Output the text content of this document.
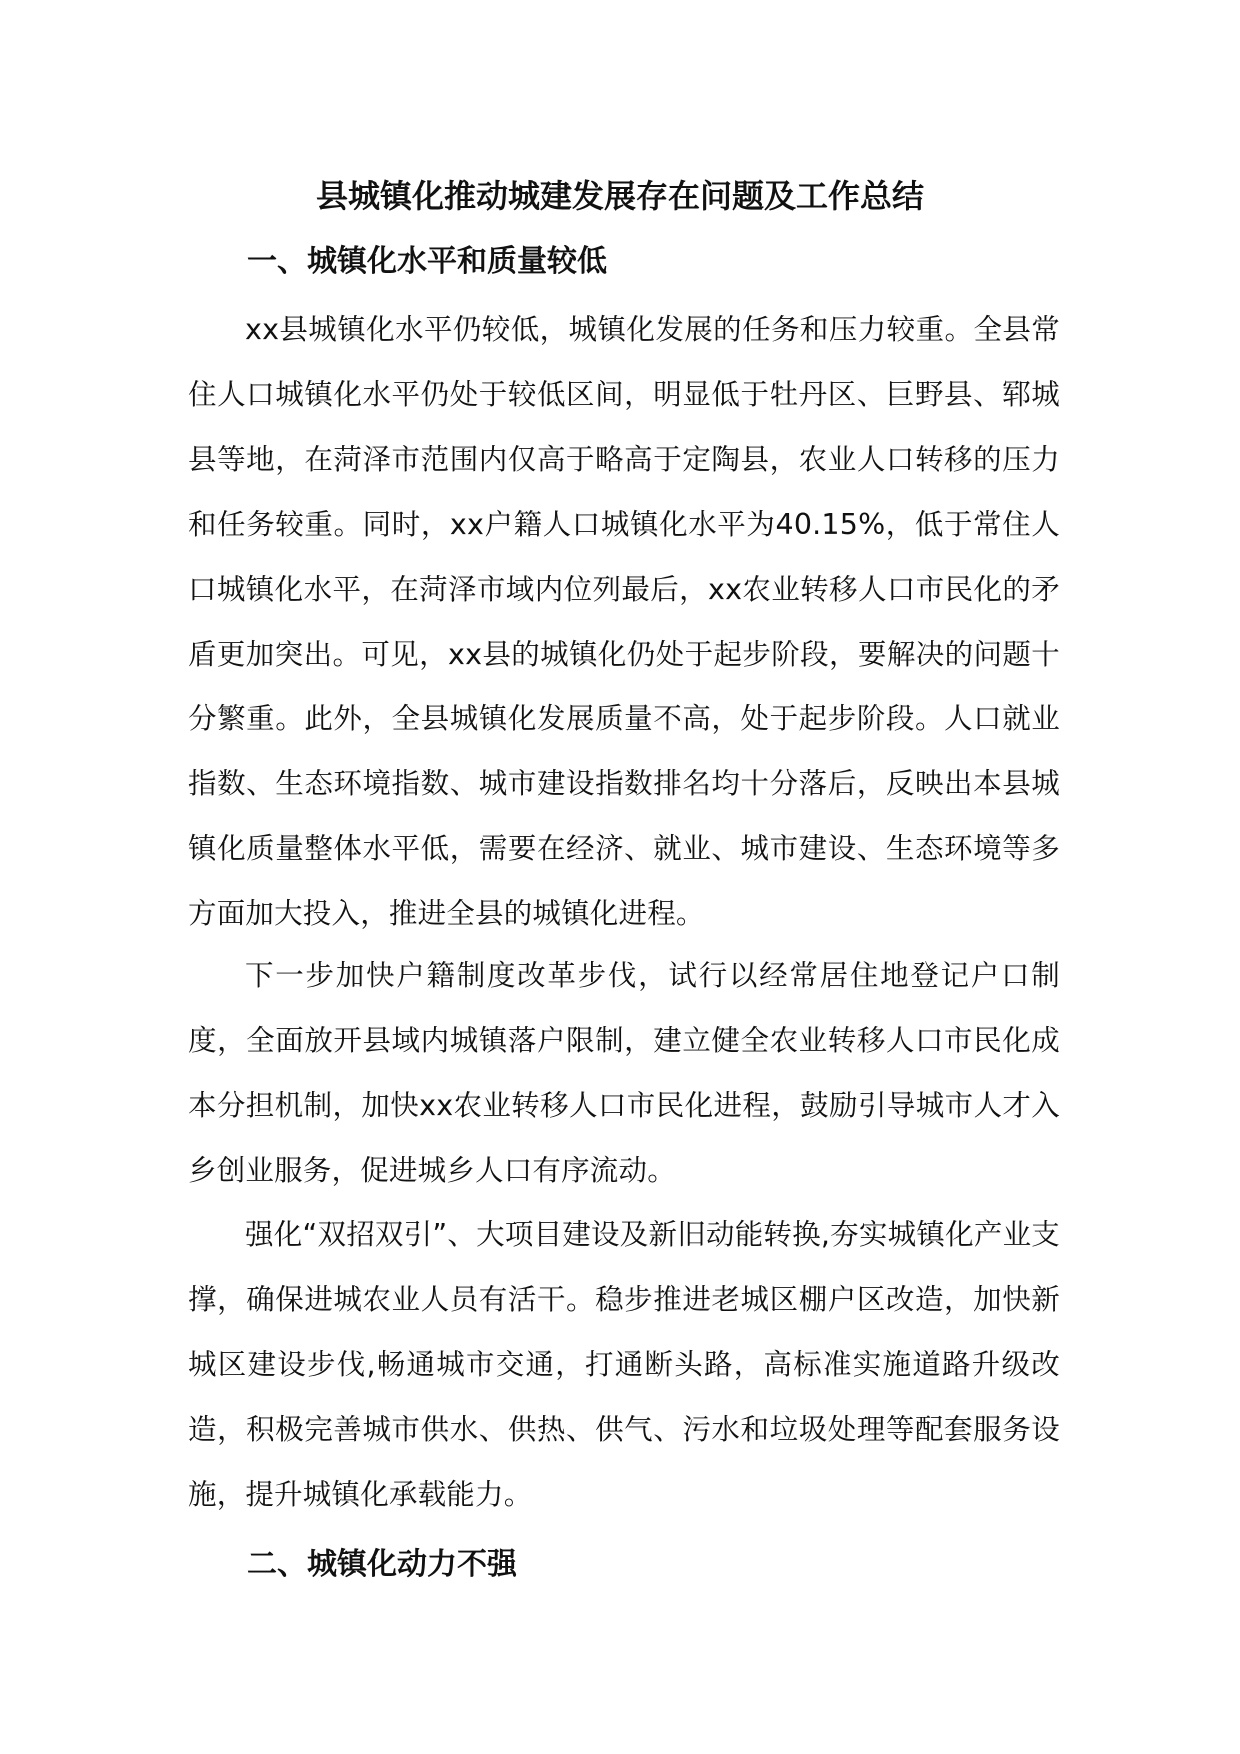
县城镇化推动城建发展存在问题及工作总结
一、城镇化水平和质量较低

xx县城镇化水平仍较低，城镇化发展的任务和压力较重。全县常住人口城镇化水平仍处于较低区间，明显低于牡丹区、巨野县、郓城县等地，在菏泽市范围内仅高于略高于定陶县，农业人口转移的压力和任务较重。同时，xx户籍人口城镇化水平为40.15%，低于常住人口城镇化水平，在菏泽市域内位列最后，xx农业转移人口市民化的矛盾更加突出。可见，xx县的城镇化仍处于起步阶段，要解决的问题十分繁重。此外，全县城镇化发展质量不高，处于起步阶段。人口就业指数、生态环境指数、城市建设指数排名均十分落后，反映出本县城镇化质量整体水平低，需要在经济、就业、城市建设、生态环境等多方面加大投入，推进全县的城镇化进程。

下一步加快户籍制度改革步伐，试行以经常居住地登记户口制度，全面放开县域内城镇落户限制，建立健全农业转移人口市民化成本分担机制，加快xx农业转移人口市民化进程，鼓励引导城市人才入乡创业服务，促进城乡人口有序流动。

强化“双招双引”、大项目建设及新旧动能转换,夯实城镇化产业支撑，确保进城农业人员有活干。稳步推进老城区棚户区改造，加快新城区建设步伐,畅通城市交通，打通断头路，高标准实施道路升级改造，积极完善城市供水、供热、供气、污水和垃圾处理等配套服务设施，提升城镇化承载能力。

二、城镇化动力不强
